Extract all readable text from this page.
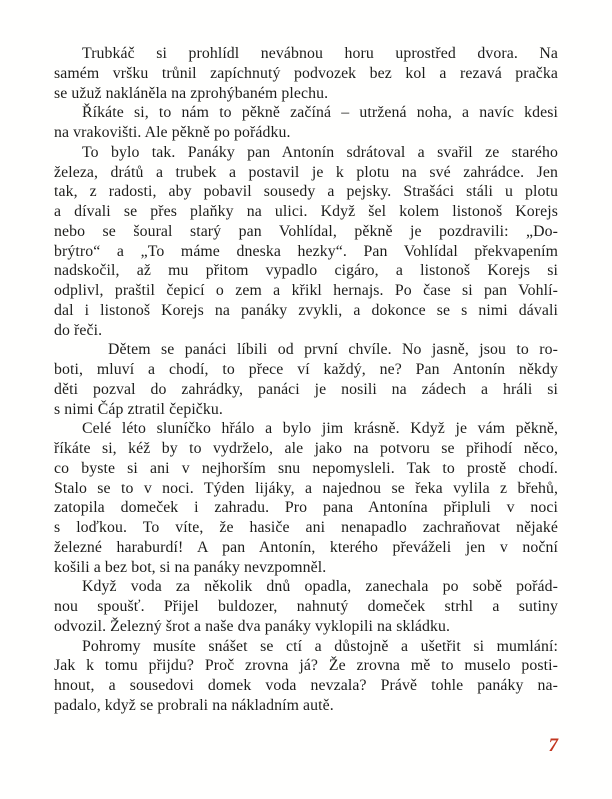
Trubkáč si prohlídl nevábnou horu uprostřed dvora. Na
samém vršku trůnil zapíchnutý podvozek bez kol a rezavá pračka
se užuž nakláněla na zprohýbaném plechu.
Říkáte si, to nám to pěkně začíná – utržená noha, a navíc kdesi
na vrakovišti. Ale pěkně po pořádku.
To bylo tak. Panáky pan Antonín sdrátoval a svařil ze starého
železa, drátů a trubek a postavil je k plotu na své zahrádce. Jen
tak, z radosti, aby pobavil sousedy a pejsky. Strašáci stáli u plotu
a dívali se přes plaňky na ulici. Když šel kolem listonoš Korejs
nebo se šoural starý pan Vohlídal, pěkně je pozdravili: „Do-
brýtro“ a „To máme dneska hezky“. Pan Vohlídal překvapením
nadskočil, až mu přitom vypadlo cigáro, a listonoš Korejs si
odplivl, praštil čepicí o zem a křikl hernajs. Po čase si pan Vohlí-
dal i listonoš Korejs na panáky zvykli, a dokonce se s nimi dávali
do řeči.
Dětem se panáci líbili od první chvíle. No jasně, jsou to ro-
boti, mluví a chodí, to přece ví každý, ne? Pan Antonín někdy
děti pozval do zahrádky, panáci je nosili na zádech a hráli si
s nimi Čáp ztratil čepičku.
Celé léto sluníčko hřálo a bylo jim krásně. Když je vám pěkně,
říkáte si, kéž by to vydrželo, ale jako na potvoru se přihodí něco,
co byste si ani v nejhorším snu nepomysleli. Tak to prostě chodí.
Stalo se to v noci. Týden lijáky, a najednou se řeka vylila z břehů,
zatopila domeček i zahradu. Pro pana Antonína připluli v noci
s loďkou. To víte, že hasiče ani nenapadlo zachraňovat nějaké
železné haraburdí! A pan Antonín, kterého převáželi jen v noční
košili a bez bot, si na panáky nevzpomněl.
Když voda za několik dnů opadla, zanechala po sobě pořád-
nou spoušť. Přijel buldozer, nahnutý domeček strhl a sutiny
odvozil. Železný šrot a naše dva panáky vyklopili na skládku.
Pohromy musíte snášet se ctí a důstojně a ušetřit si mumlání:
Jak k tomu přijdu? Proč zrovna já? Že zrovna mě to muselo posti-
hnout, a sousedovi domek voda nevzala? Právě tohle panáky na-
padalo, když se probrali na nákladním autě.
7
